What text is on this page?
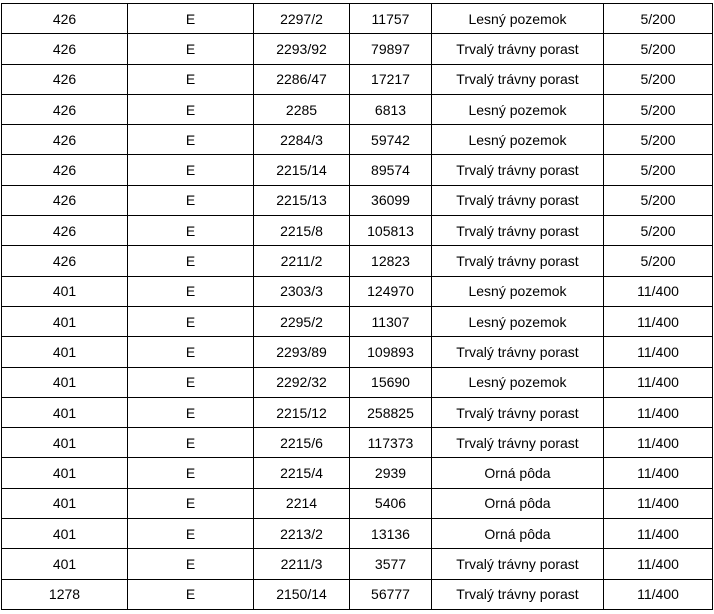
426	E	2297/2	11757	Lesný pozemok	5/200
426	E	2293/92	79897	Trvalý trávny porast	5/200
426	E	2286/47	17217	Trvalý trávny porast	5/200
426	E	2285	6813	Lesný pozemok	5/200
426	E	2284/3	59742	Lesný pozemok	5/200
426	E	2215/14	89574	Trvalý trávny porast	5/200
426	E	2215/13	36099	Trvalý trávny porast	5/200
426	E	2215/8	105813	Trvalý trávny porast	5/200
426	E	2211/2	12823	Trvalý trávny porast	5/200
401	E	2303/3	124970	Lesný pozemok	11/400
401	E	2295/2	11307	Lesný pozemok	11/400
401	E	2293/89	109893	Trvalý trávny porast	11/400
401	E	2292/32	15690	Lesný pozemok	11/400
401	E	2215/12	258825	Trvalý trávny porast	11/400
401	E	2215/6	117373	Trvalý trávny porast	11/400
401	E	2215/4	2939	Orná pôda	11/400
401	E	2214	5406	Orná pôda	11/400
401	E	2213/2	13136	Orná pôda	11/400
401	E	2211/3	3577	Trvalý trávny porast	11/400
1278	E	2150/14	56777	Trvalý trávny porast	11/400
